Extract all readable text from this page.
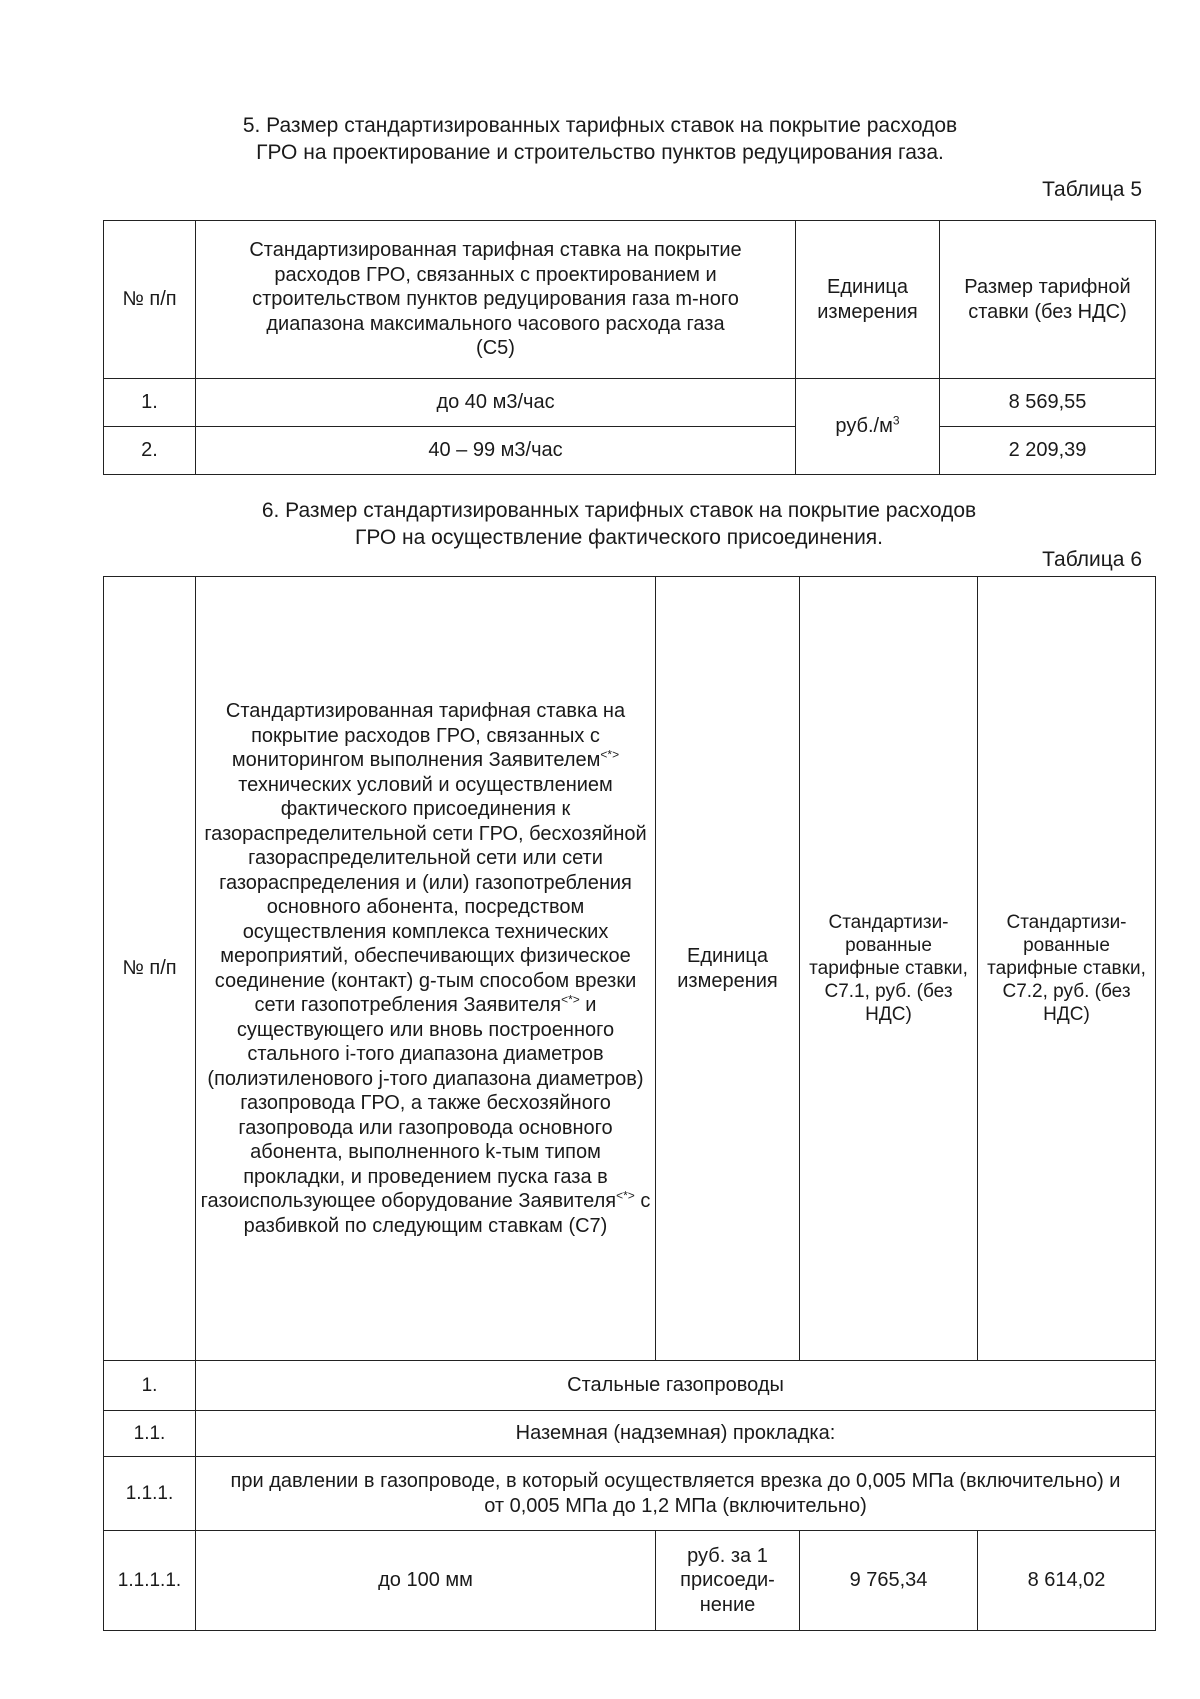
5. Размер стандартизированных тарифных ставок на покрытие расходов
ГРО на проектирование и строительство пунктов редуцирования газа.
Таблица 5
№ п/п	Стандартизированная тарифная ставка на покрытие расходов ГРО, связанных с проектированием и строительством пунктов редуцирования газа m-ного диапазона максимального часового расхода газа (С5)	Единица измерения	Размер тарифной ставки (без НДС)
1.	до 40 м3/час	$руб./м^3$	8 569,55
2.	40 – 99 м3/час		2 209,39
6. Размер стандартизированных тарифных ставок на покрытие расходов
ГРО на осуществление фактического присоединения.
Таблица 6
№ п/п	Стандартизированная тарифная ставка на покрытие расходов ГРО, связанных с мониторингом выполнения Заявителем<*> технических условий и осуществлением фактического присоединения к газораспределительной сети ГРО, бесхозяйной газораспределительной сети или сети газораспределения и (или) газопотребления основного абонента, посредством осуществления комплекса технических мероприятий, обеспечивающих физическое соединение (контакт) g-тым способом врезки сети газопотребления Заявителя<*> и существующего или вновь построенного стального i-того диапазона диаметров (полиэтиленового j-того диапазона диаметров) газопровода ГРО, а также бесхозяйного газопровода или газопровода основного абонента, выполненного k-тым типом прокладки, и проведением пуска газа в газоиспользующее оборудование Заявителя<*> с разбивкой по следующим ставкам (С7)	Единица измерения	Стандартизи-рованные тарифные ставки, С7.1, руб. (без НДС)	Стандартизи-рованные тарифные ставки, С7.2, руб. (без НДС)
1.	Стальные газопроводы			
1.1.	Наземная (надземная) прокладка:			
1.1.1.	при давлении в газопроводе, в который осуществляется врезка до 0,005 МПа (включительно) и от 0,005 МПа до 1,2 МПа (включительно)			
1.1.1.1.	до 100 мм	руб. за 1 присоеди-нение	9 765,34	8 614,02
